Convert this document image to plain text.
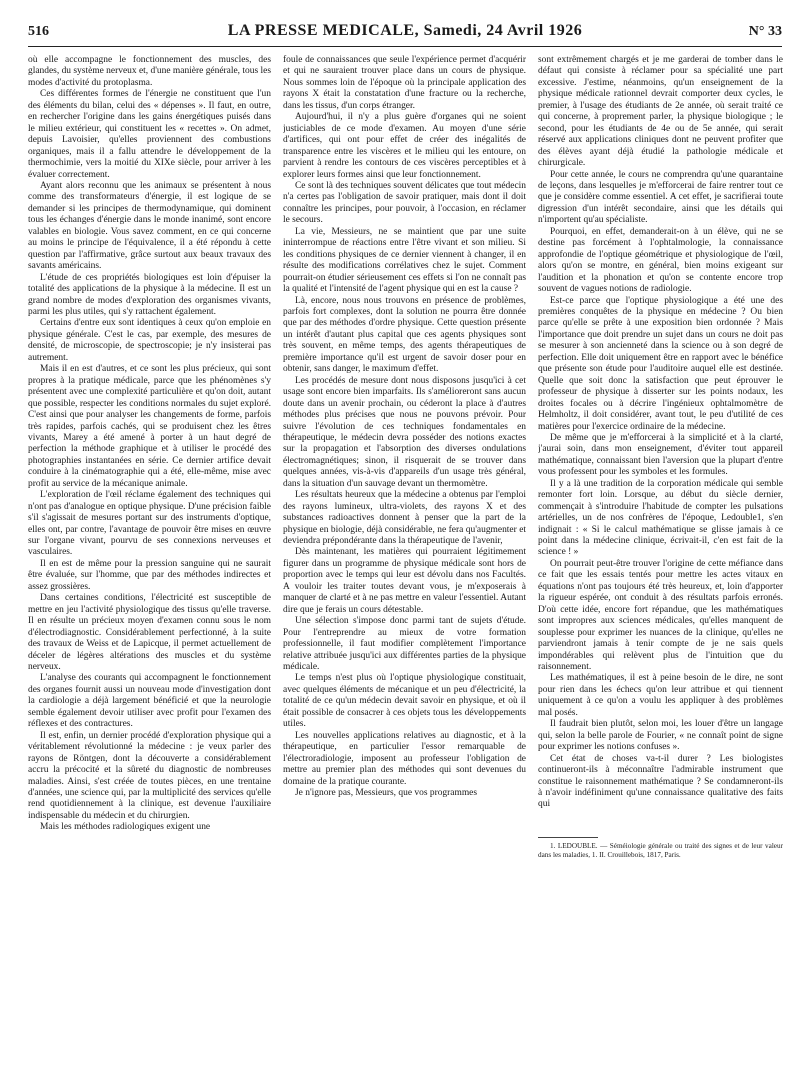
516	LA PRESSE MEDICALE, Samedi, 24 Avril 1926	N° 33

où elle accompagne le fonctionnement des muscles, des glandes, du système nerveux et, d'une manière générale, tous les modes d'activité du protoplasma.

Ces différentes formes de l'énergie ne constituent que l'un des éléments du bilan, celui des « dépenses ». Il faut, en outre, en rechercher l'origine dans les gains énergétiques puisés dans le milieu extérieur, qui constituent les « recettes ». On admet, depuis Lavoisier, qu'elles proviennent des combustions organiques, mais il a fallu attendre le développement de la thermochimie, vers la moitié du XIXe siècle, pour arriver à les évaluer correctement.

Ayant alors reconnu que les animaux se présentent à nous comme des transformateurs d'énergie, il est logique de se demander si les principes de thermodynamique, qui dominent tous les échanges d'énergie dans le monde inanimé, sont encore valables en biologie. Vous savez comment, en ce qui concerne au moins le principe de l'équivalence, il a été répondu à cette question par l'affirmative, grâce surtout aux beaux travaux des savants américains.

L'étude de ces propriétés biologiques est loin d'épuiser la totalité des applications de la physique à la médecine. Il est un grand nombre de modes d'exploration des organismes vivants, parmi les plus utiles, qui s'y rattachent également.

Certains d'entre eux sont identiques à ceux qu'on emploie en physique générale. C'est le cas, par exemple, des mesures de densité, de microscopie, de spectroscopie; je n'y insisterai pas autrement.

Mais il en est d'autres, et ce sont les plus précieux, qui sont propres à la pratique médicale, parce que les phénomènes s'y présentent avec une complexité particulière et qu'on doit, autant que possible, respecter les conditions normales du sujet exploré. C'est ainsi que pour analyser les changements de forme, parfois très rapides, parfois cachés, qui se produisent chez les êtres vivants, Marey a été amené à porter à un haut degré de perfection la méthode graphique et à utiliser le procédé des photographies instantanées en série. Ce dernier artifice devait conduire à la cinématographie qui a été, elle-même, mise avec profit au service de la mécanique animale.

L'exploration de l'œil réclame également des techniques qui n'ont pas d'analogue en optique physique. D'une précision faible s'il s'agissait de mesures portant sur des instruments d'optique, elles ont, par contre, l'avantage de pouvoir être mises en œuvre sur l'organe vivant, pourvu de ses connexions nerveuses et vasculaires.

Il en est de même pour la pression sanguine qui ne saurait être évaluée, sur l'homme, que par des méthodes indirectes et assez grossières.

Dans certaines conditions, l'électricité est susceptible de mettre en jeu l'activité physiologique des tissus qu'elle traverse. Il en résulte un précieux moyen d'examen connu sous le nom d'électrodiagnostic. Considérablement perfectionné, à la suite des travaux de Weiss et de Lapicque, il permet actuellement de déceler de légères altérations des muscles et du système nerveux.

L'analyse des courants qui accompagnent le fonctionnement des organes fournit aussi un nouveau mode d'investigation dont la cardiologie a déjà largement bénéficié et que la neurologie semble également devoir utiliser avec profit pour l'examen des réflexes et des contractures.

Il est, enfin, un dernier procédé d'exploration physique qui a véritablement révolutionné la médecine : je veux parler des rayons de Röntgen, dont la découverte a considérablement accru la précocité et la sûreté du diagnostic de nombreuses maladies. Ainsi, s'est créée de toutes pièces, en une trentaine d'années, une science qui, par la multiplicité des services qu'elle rend quotidiennement à la clinique, est devenue l'auxiliaire indispensable du médecin et du chirurgien.

Mais les méthodes radiologiques exigent une

foule de connaissances que seule l'expérience permet d'acquérir et qui ne sauraient trouver place dans un cours de physique. Nous sommes loin de l'époque où la principale application des rayons X était la constatation d'une fracture ou la recherche, dans les tissus, d'un corps étranger.

Aujourd'hui, il n'y a plus guère d'organes qui ne soient justiciables de ce mode d'examen. Au moyen d'une série d'artifices, qui ont pour effet de créer des inégalités de transparence entre les viscères et le milieu qui les entoure, on parvient à rendre les contours de ces viscères perceptibles et à explorer leurs formes ainsi que leur fonctionnement.

Ce sont là des techniques souvent délicates que tout médecin n'a certes pas l'obligation de savoir pratiquer, mais dont il doit connaître les principes, pour pouvoir, à l'occasion, en réclamer le secours.

La vie, Messieurs, ne se maintient que par une suite ininterrompue de réactions entre l'être vivant et son milieu. Si les conditions physiques de ce dernier viennent à changer, il en résulte des modifications corrélatives chez le sujet. Comment pourrait-on étudier sérieusement ces effets si l'on ne connaît pas la qualité et l'intensité de l'agent physique qui en est la cause ?

Là, encore, nous nous trouvons en présence de problèmes, parfois fort complexes, dont la solution ne pourra être donnée que par des méthodes d'ordre physique. Cette question présente un intérêt d'autant plus capital que ces agents physiques sont très souvent, en même temps, des agents thérapeutiques de première importance qu'il est urgent de savoir doser pour en obtenir, sans danger, le maximum d'effet.

Les procédés de mesure dont nous disposons jusqu'ici à cet usage sont encore bien imparfaits. Ils s'amélioreront sans aucun doute dans un avenir prochain, ou céderont la place à d'autres méthodes plus précises que nous ne pouvons prévoir. Pour suivre l'évolution de ces techniques fondamentales en thérapeutique, le médecin devra posséder des notions exactes sur la propagation et l'absorption des diverses ondulations électromagnétiques; sinon, il risquerait de se trouver dans quelques années, vis-à-vis d'appareils d'un usage très général, dans la situation d'un sauvage devant un thermomètre.

Les résultats heureux que la médecine a obtenus par l'emploi des rayons lumineux, ultra-violets, des rayons X et des substances radioactives donnent à penser que la part de la physique en biologie, déjà considérable, ne fera qu'augmenter et deviendra prépondérante dans la thérapeutique de l'avenir,

Dès maintenant, les matières qui pourraient légitimement figurer dans un programme de physique médicale sont hors de proportion avec le temps qui leur est dévolu dans nos Facultés. A vouloir les traiter toutes devant vous, je m'exposerais à manquer de clarté et à ne pas mettre en valeur l'essentiel. Autant dire que je ferais un cours détestable.

Une sélection s'impose donc parmi tant de sujets d'étude. Pour l'entreprendre au mieux de votre formation professionnelle, il faut modifier complètement l'importance relative attribuée jusqu'ici aux différentes parties de la physique médicale.

Le temps n'est plus où l'optique physiologique constituait, avec quelques éléments de mécanique et un peu d'électricité, la totalité de ce qu'un médecin devait savoir en physique, et où il était possible de consacrer à ces objets tous les développements utiles.

Les nouvelles applications relatives au diagnostic, et à la thérapeutique, en particulier l'essor remarquable de l'électroradiologie, imposent au professeur l'obligation de mettre au premier plan des méthodes qui sont devenues du domaine de la pratique courante.

Je n'ignore pas, Messieurs, que vos programmes

sont extrêmement chargés et je me garderai de tomber dans le défaut qui consiste à réclamer pour sa spécialité une part excessive. J'estime, néanmoins, qu'un enseignement de la physique médicale rationnel devrait comporter deux cycles, le premier, à l'usage des étudiants de 2e année, où serait traité ce qui concerne, à proprement parler, la physique biologique ; le second, pour les étudiants de 4e ou de 5e année, qui serait réservé aux applications cliniques dont ne peuvent profiter que des élèves ayant déjà étudié la pathologie médicale et chirurgicale.

Pour cette année, le cours ne comprendra qu'une quarantaine de leçons, dans lesquelles je m'efforcerai de faire rentrer tout ce que je considère comme essentiel. A cet effet, je sacrifierai toute digression d'un intérêt secondaire, ainsi que les détails qui n'importent qu'au spécialiste.

Pourquoi, en effet, demanderait-on à un élève, qui ne se destine pas forcément à l'ophtalmologie, la connaissance approfondie de l'optique géométrique et physiologique de l'œil, alors qu'on se montre, en général, bien moins exigeant sur l'audition et la phonation et qu'on se contente encore trop souvent de vagues notions de radiologie.

Est-ce parce que l'optique physiologique a été une des premières conquêtes de la physique en médecine ? Ou bien parce qu'elle se prête à une exposition bien ordonnée ? Mais l'importance que doit prendre un sujet dans un cours ne doit pas se mesurer à son ancienneté dans la science ou à son degré de perfection. Elle doit uniquement être en rapport avec le bénéfice que présente son étude pour l'auditoire auquel elle est destinée. Quelle que soit donc la satisfaction que peut éprouver le professeur de physique à disserter sur les points nodaux, les droites focales ou à décrire l'ingénieux ophtalmomètre de Helmholtz, il doit considérer, avant tout, le peu d'utilité de ces matières pour l'exercice ordinaire de la médecine.

De même que je m'efforcerai à la simplicité et à la clarté, j'aurai soin, dans mon enseignement, d'éviter tout appareil mathématique, connaissant bien l'aversion que la plupart d'entre vous professent pour les symboles et les formules.

Il y a là une tradition de la corporation médicale qui semble remonter fort loin. Lorsque, au début du siècle dernier, commençait à s'introduire l'habitude de compter les pulsations artérielles, un de nos confrères de l'époque, Ledouble1, s'en indignait : « Si le calcul mathématique se glisse jamais à ce point dans la médecine clinique, écrivait-il, c'en est fait de la science ! »

On pourrait peut-être trouver l'origine de cette méfiance dans ce fait que les essais tentés pour mettre les actes vitaux en équations n'ont pas toujours été très heureux, et, loin d'apporter la rigueur espérée, ont conduit à des résultats parfois erronés. D'où cette idée, encore fort répandue, que les mathématiques sont impropres aux sciences médicales, qu'elles manquent de souplesse pour exprimer les nuances de la clinique, qu'elles ne parviendront jamais à tenir compte de je ne sais quels impondérables qui relèvent plus de l'intuition que du raisonnement.

Les mathématiques, il est à peine besoin de le dire, ne sont pour rien dans les échecs qu'on leur attribue et qui tiennent uniquement à ce qu'on a voulu les appliquer à des problèmes mal posés.

Il faudrait bien plutôt, selon moi, les louer d'être un langage qui, selon la belle parole de Fourier, « ne connaît point de signe pour exprimer les notions confuses ».

Cet état de choses va-t-il durer ? Les biologistes continueront-ils à méconnaître l'admirable instrument que constitue le raisonnement mathématique ? Se condamneront-ils à n'avoir indéfiniment qu'une connaissance qualitative des faits qui

1. LEDOUBLE. — Séméiologie générale ou traité des signes et de leur valeur dans les maladies, 1. II. Crouillebois, 1817, Paris.
